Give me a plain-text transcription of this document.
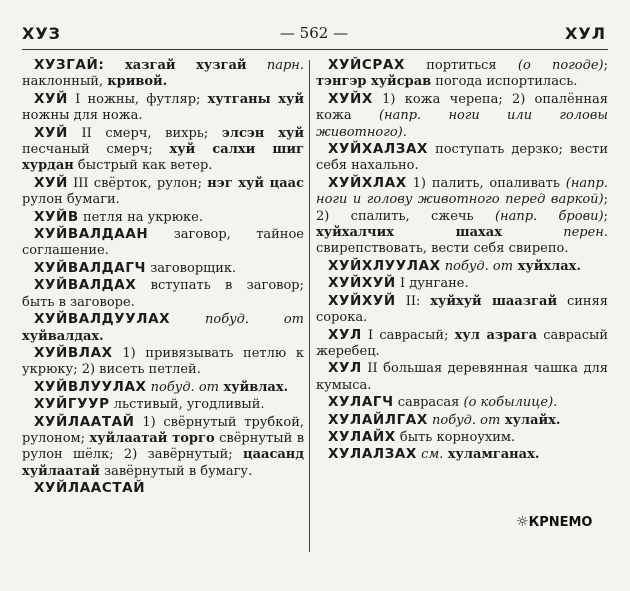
ХУЗ	— 562 —	ХУЛ
ХУЗГАЙ: хазгай хузгай парн. наклонный, кривой.
ХУЙ I ножны, футляр; хутганы хуй ножны для ножа.
ХУЙ II смерч, вихрь; элсэн хуй песчаный смерч; хуй салхи шиг хурдан быстрый как ветер.
ХУЙ III свёрток, рулон; нэг хуй цаас рулон бумаги.
ХУЙВ петля на укрюке.
ХУЙВАЛДААН заговор, тайное соглашение.
ХУЙВАЛДАГЧ заговорщик.
ХУЙВАЛДАХ вступать в заговор; быть в заговоре.
ХУЙВАЛДУУЛАХ побуд. от хуйвалдах.
ХУЙВЛАХ 1) привязывать петлю к укрюку; 2) висеть петлей.
ХУЙВЛУУЛАХ побуд. от хуйвлах.
ХУЙГУУР льстивый, угодливый.
ХУЙЛААТАЙ 1) свёрнутый трубкой, рулоном; хуйлаатай торго свёрнутый в рулон шёлк; 2) завёрнутый; цаасанд хуйлаатай завёрнутый в бумагу.
ХУЙЛААСТАЙ
ХУЙСРАХ портиться (о погоде); тэнгэр хуйсрав погода испортилась.
ХУЙХ 1) кожа черепа; 2) опалённая кожа (напр. ноги или головы животного).
ХУЙХАЛЗАХ поступать дерзко; вести себя нахально.
ХУЙХЛАХ 1) палить, опаливать (напр. ноги и голову животного перед варкой); 2) спалить, сжечь (напр. брови); хуйхалчих шахах перен. свирепствовать, вести себя свирепо.
ХУЙХЛУУЛАХ побуд. от хуйхлах.
ХУЙХУЙ I дунгане.
ХУЙХУЙ II: хуйхуй шаазгай синяя сорока.
ХУЛ I саврасый; хул азрага саврасый жеребец.
ХУЛ II большая деревянная чашка для кумыса.
ХУЛАГЧ саврасая (о кобылице).
ХУЛАЙЛГАХ побуд. от хулайх.
ХУЛАЙХ быть корноухим.
ХУЛАЛЗАХ см. хуламганах.
☼КРNEMO
